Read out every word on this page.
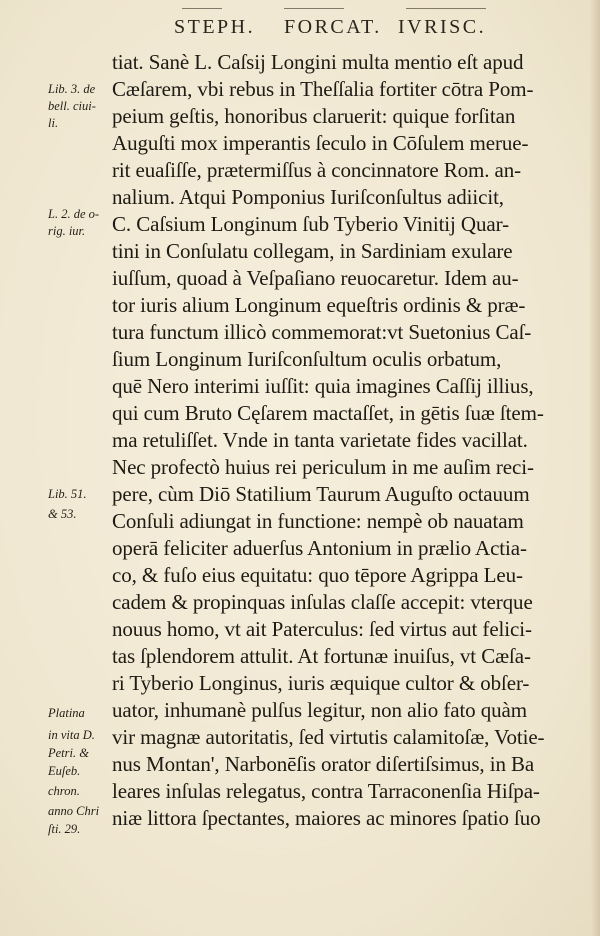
STEPH. FORCAT. IVRISC.
tiat. Sanè L. Caſsij Longini multa mentio eſt apud
Cæſarem, vbi rebus in Theſſalia fortiter cōtra Pom-
peium geſtis, honoribus claruerit: quique forſitan
Auguſti mox imperantis ſeculo in Cōſulem merue-
rit euaſiſſe, prætermiſſus à concinnatore Rom. an-
nalium. Atqui Pomponius Iuriſconſultus adiicit,
C. Caſsium Longinum ſub Tyberio Vinitij Quar-
tini in Conſulatu collegam, in Sardiniam exulare
iuſſum, quoad à Veſpaſiano reuocaretur. Idem au-
tor iuris alium Longinum equeſtris ordinis & præ-
tura functum illicò commemorat:vt Suetonius Caſ-
ſium Longinum Iuriſconſultum oculis orbatum,
quē Nero interimi iuſſit: quia imagines Caſſij illius,
qui cum Bruto Cęſarem mactaſſet, in gētis ſuæ ſtem-
ma retuliſſet. Vnde in tanta varietate fides vacillat.
Nec profectò huius rei periculum in me auſim reci-
pere, cùm Diō Statilium Taurum Auguſto octauum
Conſuli adiungat in functione: nempè ob nauatam
operā feliciter aduerſus Antonium in prælio Actia-
co, & fuſo eius equitatu: quo tēpore Agrippa Leu-
cadem & propinquas inſulas claſſe accepit: vterque
nouus homo, vt ait Paterculus: ſed virtus aut felici-
tas ſplendorem attulit. At fortunæ inuiſus, vt Cæſa-
ri Tyberio Longinus, iuris æquique cultor & obſer-
uator, inhumanè pulſus legitur, non alio fato quàm
vir magnæ autoritatis, ſed virtutis calamitoſæ, Votie-
nus Montan', Narbonēſis orator diſertiſsimus, in Ba
leares inſulas relegatus, contra Tarraconenſia Hiſpa-
niæ littora ſpectantes, maiores ac minores ſpatio ſuo
Lib. 3. de
bell. ciui-
li.
L. 2. de o-
rig. iur.
Lib. 51.
& 53.
Platina
in vita D.
Petri. &
Euſeb.
chron.
anno Chri
ſti. 29.
